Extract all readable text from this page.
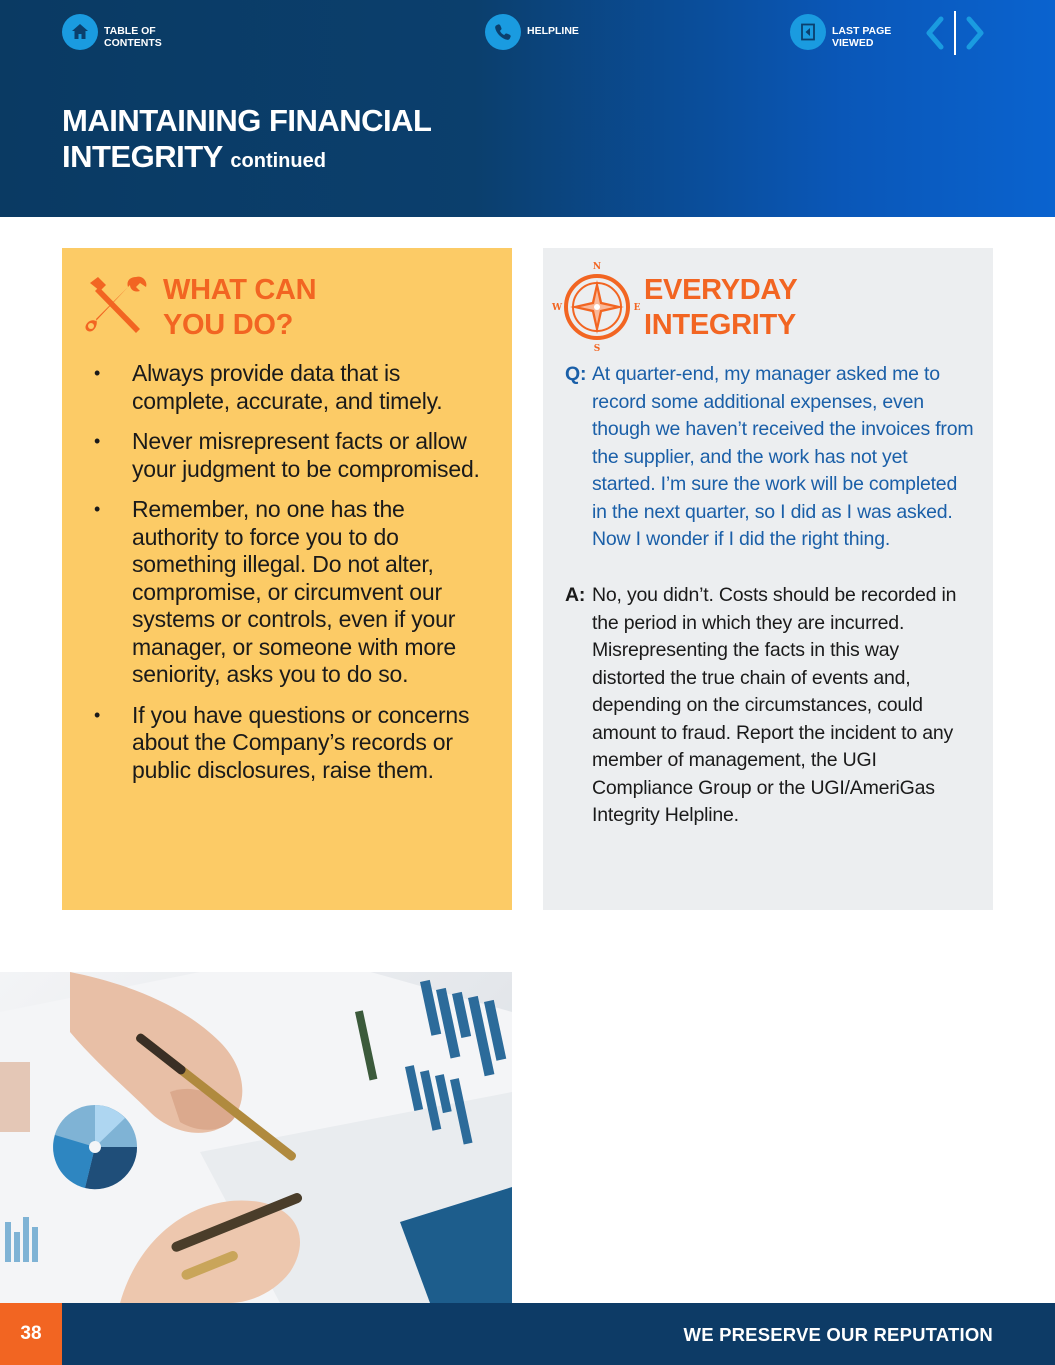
TABLE OF
CONTENTS
HELPLINE	LAST PAGE
VIEWED
MAINTAINING FINANCIAL
INTEGRITY continued
WHAT CAN
YOU DO?
• Always provide data that is complete, accurate, and timely.
• Never misrepresent facts or allow your judgment to be compromised.
• Remember, no one has the authority to force you to do something illegal. Do not alter, compromise, or circumvent our systems or controls, even if your manager, or someone with more seniority, asks you to do so.
• If you have questions or concerns about the Company’s records or public disclosures, raise them.
N
S
W	E
EVERYDAY
INTEGRITY
Q: At quarter-end, my manager asked me to record some additional expenses, even though we haven’t received the invoices from the supplier, and the work has not yet started. I’m sure the work will be completed in the next quarter, so I did as I was asked. Now I wonder if I did the right thing.
A: No, you didn’t. Costs should be recorded in the period in which they are incurred. Misrepresenting the facts in this way distorted the true chain of events and, depending on the circumstances, could amount to fraud. Report the incident to any member of management, the UGI Compliance Group or the UGI/AmeriGas Integrity Helpline.
38	WE PRESERVE OUR REPUTATION
